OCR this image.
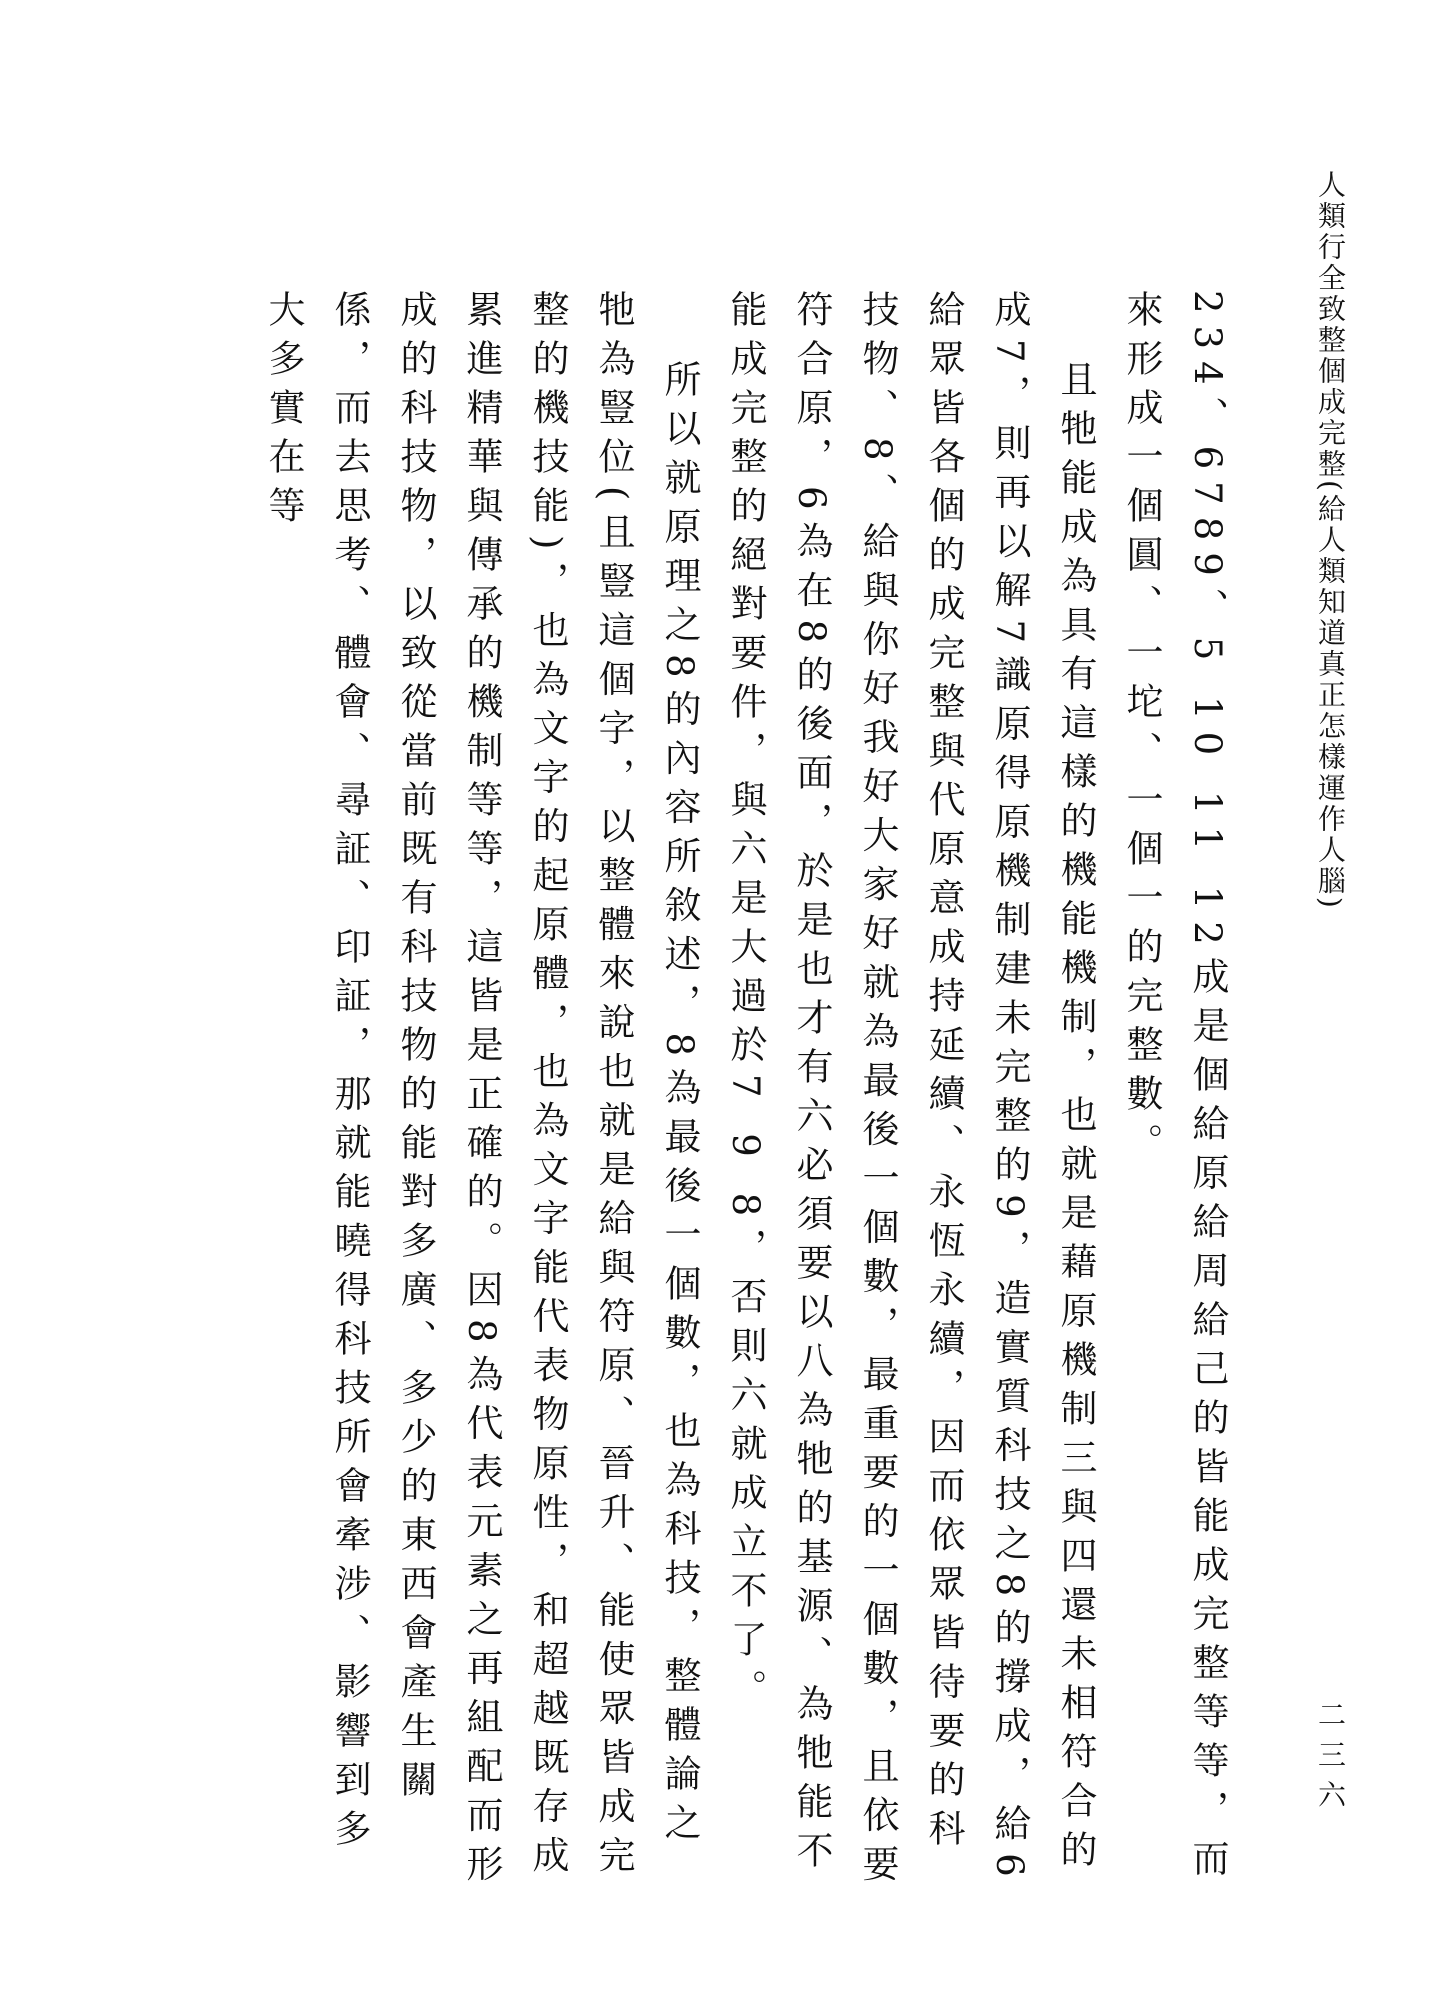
人類行全致整個成完整(給人類知道真正怎樣運作人腦)
二三六

234、6789、5 10 11 12成是個給原給周給己的皆能成完整等等，而來形成一個圓、一坨、一個一的完整數。

且牠能成為具有這樣的機能機制，也就是藉原機制三與四還未相符合的成7，則再以解7識原得原機制建未完整的9，造實質科技之8的撐成，給6給眾皆各個的成完整與代原意成持延續、永恆永續，因而依眾皆待要的科技物、8、給與你好我好大家好就為最後一個數，最重要的一個數，且依要符合原，6為在8的後面，於是也才有六必須要以八為牠的基源、為牠能不能成完整的絕對要件，與六是大過於7 9 8，否則六就成立不了。

所以就原理之8的內容所敘述，8為最後一個數，也為科技，整體論之牠為豎位(且豎這個字，以整體來說也就是給與符原、晉升、能使眾皆成完整的機技能)，也為文字的起原體，也為文字能代表物原性，和超越既存成累進精華與傳承的機制等等，這皆是正確的。因8為代表元素之再組配而形成的科技物，以致從當前既有科技物的能對多廣、多少的東西會產生關係，而去思考、體會、尋証、印証，那就能曉得科技所會牽涉、影響到多大多實在等
